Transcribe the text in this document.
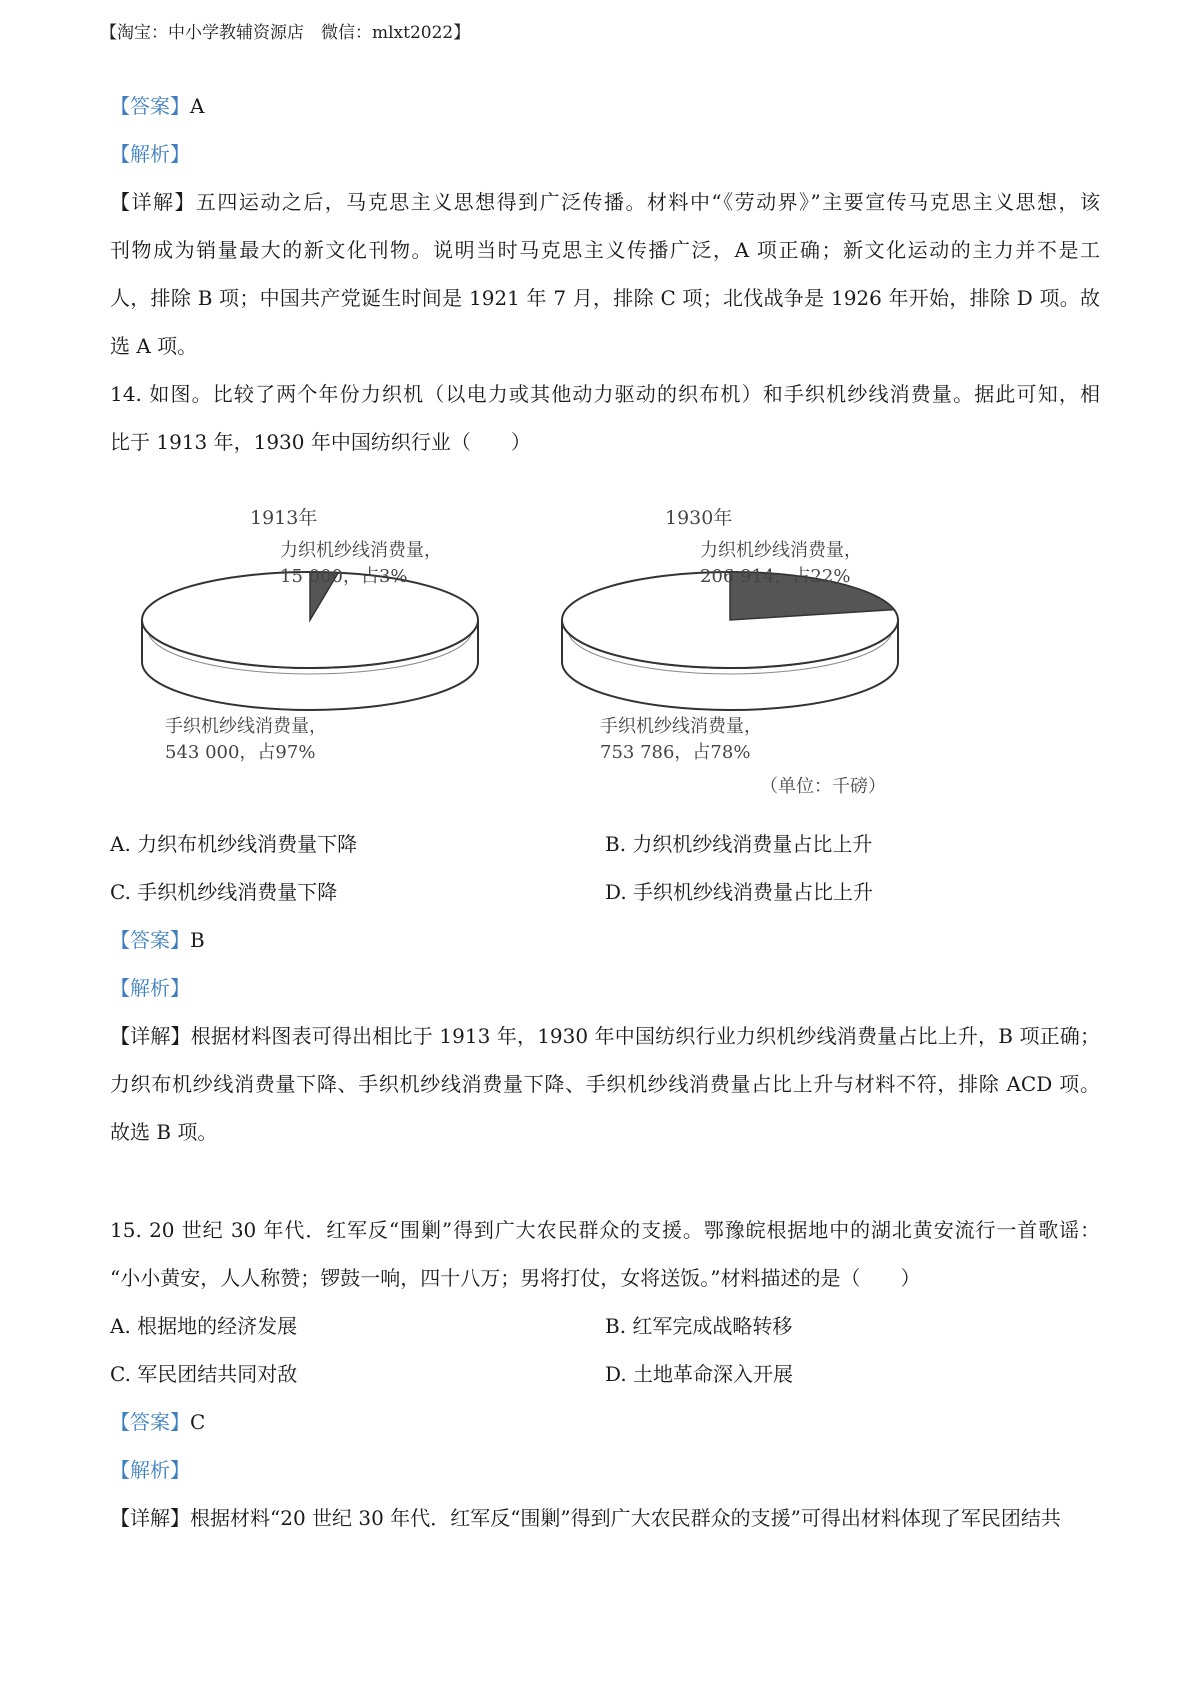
【淘宝：中小学教辅资源店　微信：mlxt2022】
【答案】A
【解析】
【详解】五四运动之后，马克思主义思想得到广泛传播。材料中“《劳动界》”主要宣传马克思主义思想，该
刊物成为销量最大的新文化刊物。说明当时马克思主义传播广泛，A 项正确；新文化运动的主力并不是工
人，排除 B 项；中国共产党诞生时间是 1921 年 7 月，排除 C 项；北伐战争是 1926 年开始，排除 D 项。故
选 A 项。
14. 如图。比较了两个年份力织机（以电力或其他动力驱动的织布机）和手织机纱线消费量。据此可知，相
比于 1913 年，1930 年中国纺织行业（　　）
1913年
力织机纱线消费量，
15 000，占3%
手织机纱线消费量，
543 000，占97%
1930年
力织机纱线消费量，
206 914，占22%
手织机纱线消费量，
753 786，占78%
（单位：千磅）
A. 力织布机纱线消费量下降	B. 力织机纱线消费量占比上升
C. 手织机纱线消费量下降	D. 手织机纱线消费量占比上升
【答案】B
【解析】
【详解】根据材料图表可得出相比于 1913 年，1930 年中国纺织行业力织机纱线消费量占比上升，B 项正确；
力织布机纱线消费量下降、手织机纱线消费量下降、手织机纱线消费量占比上升与材料不符，排除 ACD 项。
故选 B 项。
15. 20 世纪 30 年代．红军反“围剿”得到广大农民群众的支援。鄂豫皖根据地中的湖北黄安流行一首歌谣：
“小小黄安，人人称赞；锣鼓一响，四十八万；男将打仗，女将送饭。”材料描述的是（　　）
A. 根据地的经济发展	B. 红军完成战略转移
C. 军民团结共同对敌	D. 土地革命深入开展
【答案】C
【解析】
【详解】根据材料“20 世纪 30 年代．红军反“围剿”得到广大农民群众的支援”可得出材料体现了军民团结共
